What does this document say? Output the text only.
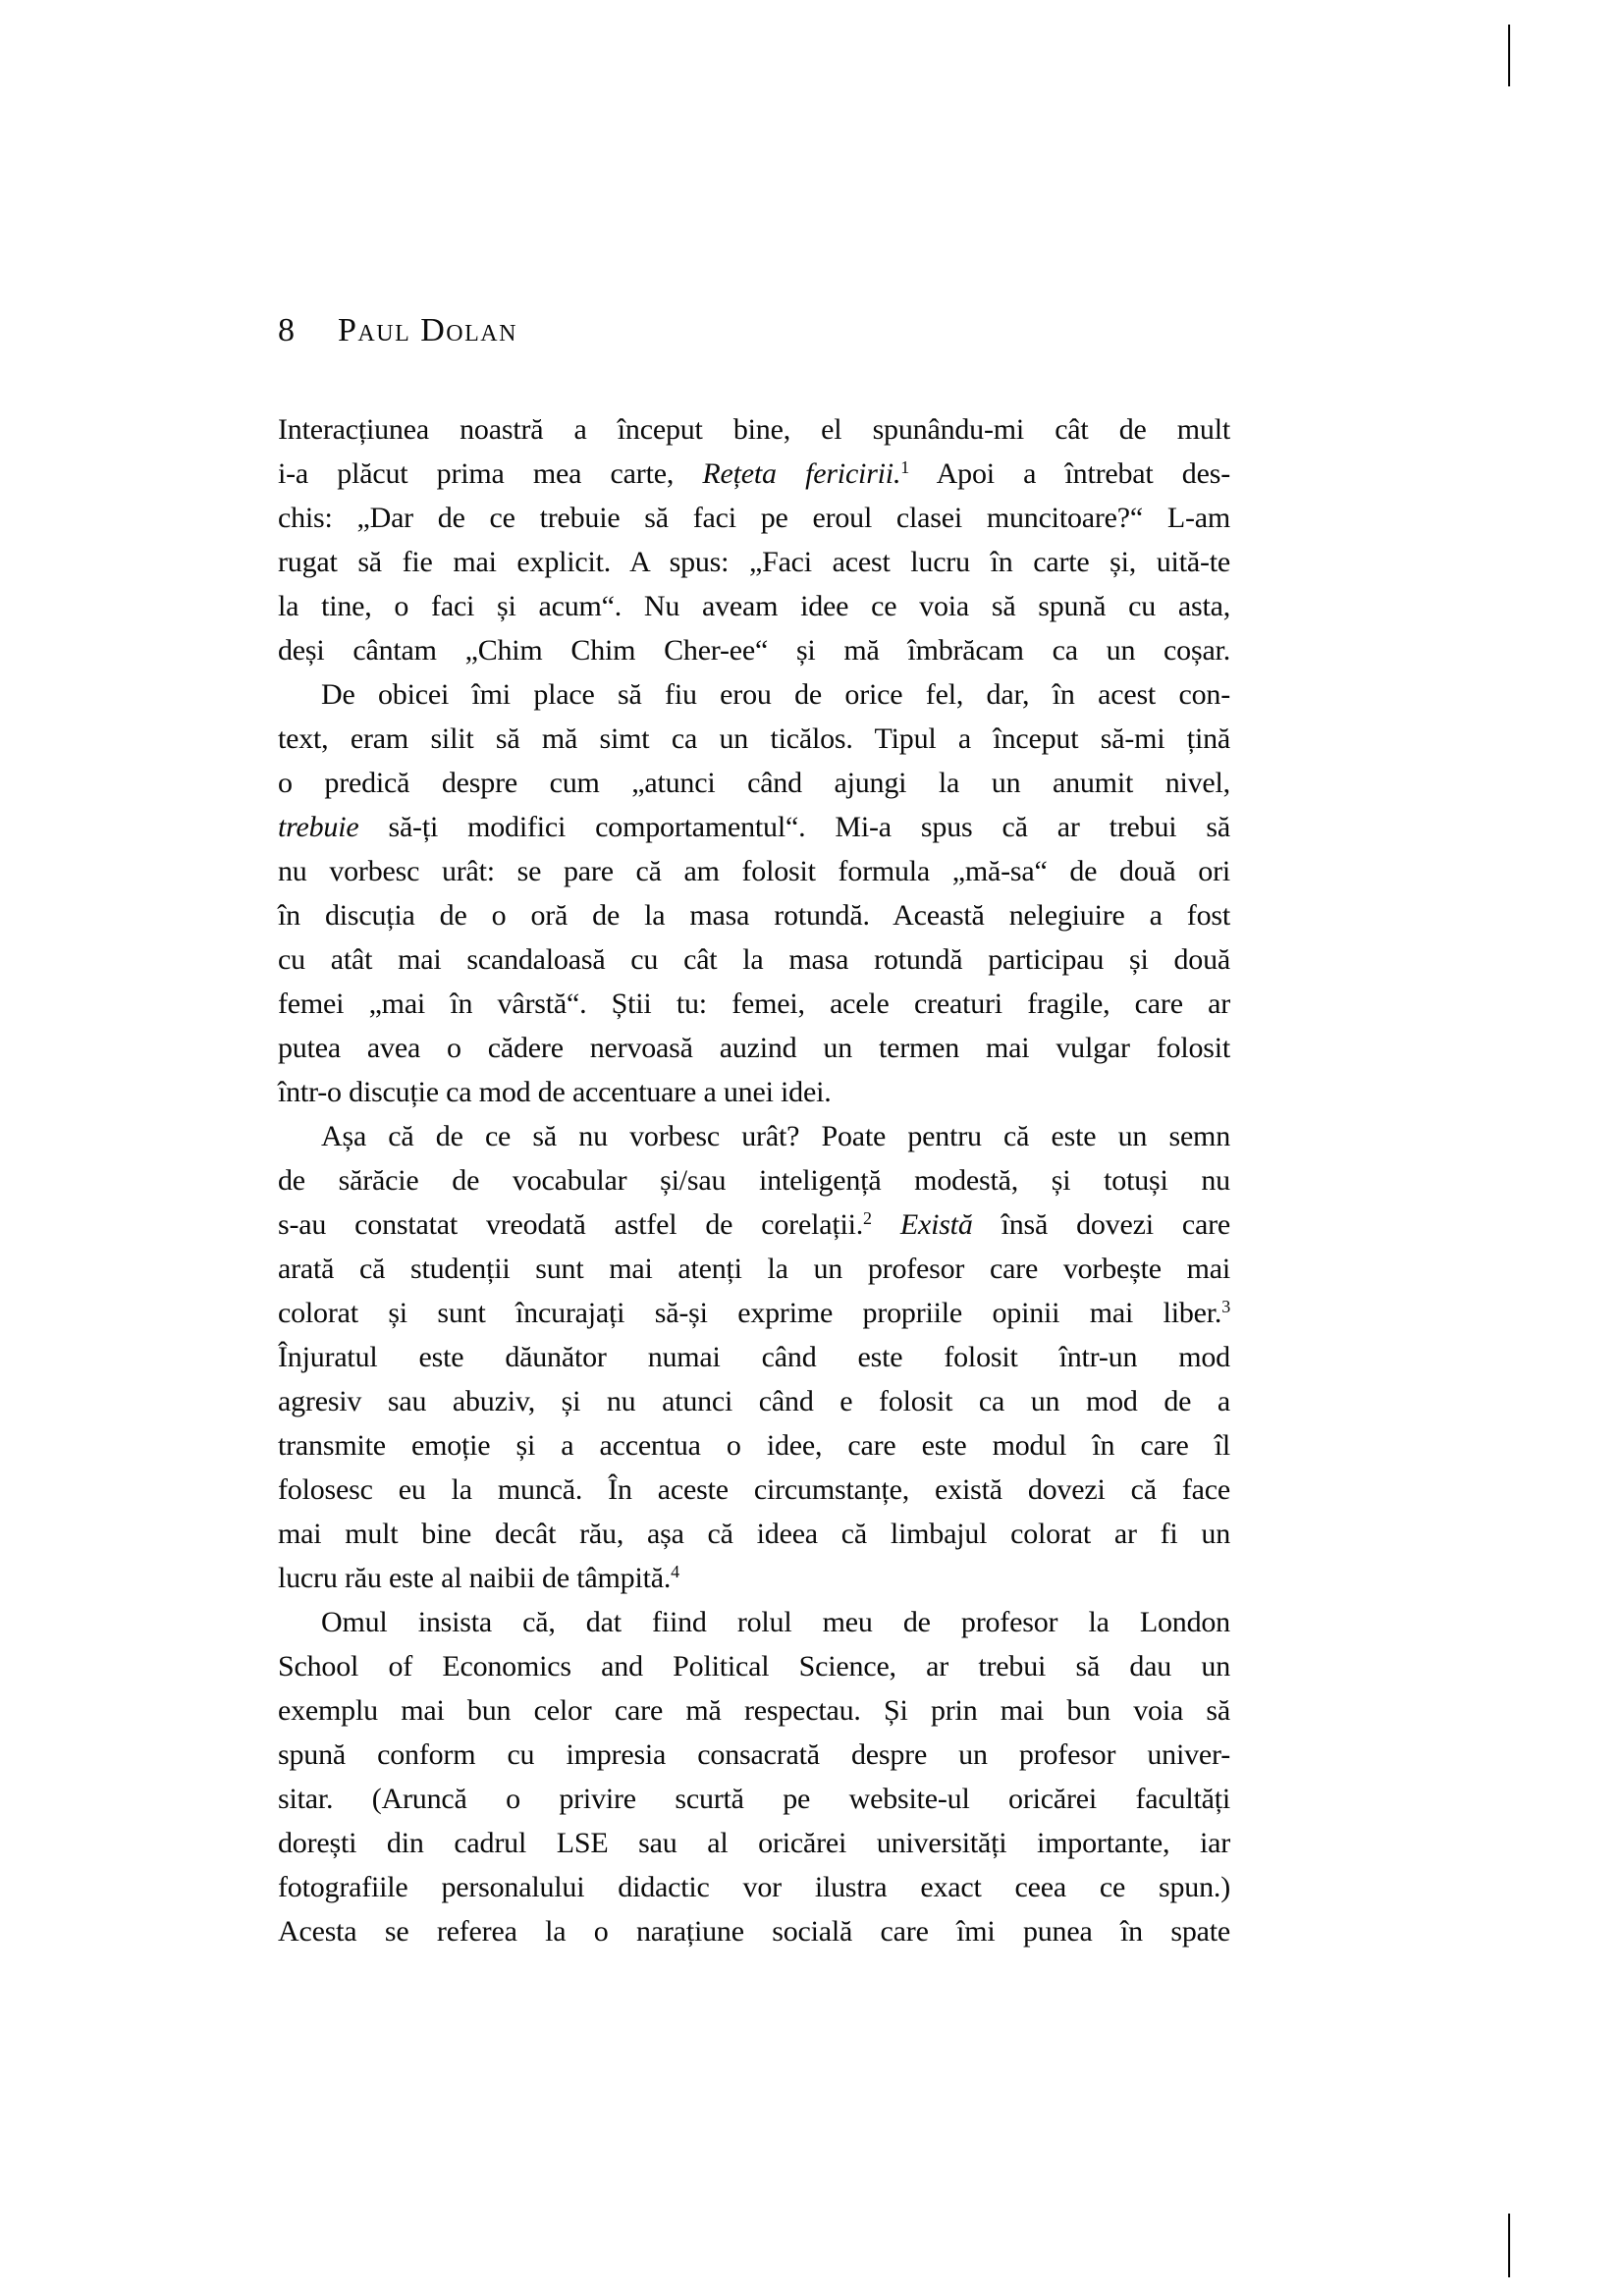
8 Paul Dolan
Interacțiunea noastră a început bine, el spunându-mi cât de mult
i-a plăcut prima mea carte, Rețeta fericirii.$^1$ Apoi a întrebat des-
chis: „Dar de ce trebuie să faci pe eroul clasei muncitoare?“ L-am
rugat să fie mai explicit. A spus: „Faci acest lucru în carte și, uită-te
la tine, o faci și acum“. Nu aveam idee ce voia să spună cu asta,
deși cântam „Chim Chim Cher-ee“ și mă îmbrăcam ca un coșar.
De obicei îmi place să fiu erou de orice fel, dar, în acest con-
text, eram silit să mă simt ca un ticălos. Tipul a început să-mi țină
o predică despre cum „atunci când ajungi la un anumit nivel,
trebuie să-ți modifici comportamentul“. Mi-a spus că ar trebui să
nu vorbesc urât: se pare că am folosit formula „mă-sa“ de două ori
în discuția de o oră de la masa rotundă. Această nelegiuire a fost
cu atât mai scandaloasă cu cât la masa rotundă participau și două
femei „mai în vârstă“. Știi tu: femei, acele creaturi fragile, care ar
putea avea o cădere nervoasă auzind un termen mai vulgar folosit
într-o discuție ca mod de accentuare a unei idei.
Așa că de ce să nu vorbesc urât? Poate pentru că este un semn
de sărăcie de vocabular și/sau inteligență modestă, și totuși nu
s-au constatat vreodată astfel de corelații.$^2$ Există însă dovezi care
arată că studenții sunt mai atenți la un profesor care vorbește mai
colorat și sunt încurajați să-și exprime propriile opinii mai liber.$^3$
Înjuratul este dăunător numai când este folosit într-un mod
agresiv sau abuziv, și nu atunci când e folosit ca un mod de a
transmite emoție și a accentua o idee, care este modul în care îl
folosesc eu la muncă. În aceste circumstanțe, există dovezi că face
mai mult bine decât rău, așa că ideea că limbajul colorat ar fi un
lucru rău este al naibii de tâmpită.$^4$
Omul insista că, dat fiind rolul meu de profesor la London
School of Economics and Political Science, ar trebui să dau un
exemplu mai bun celor care mă respectau. Și prin mai bun voia să
spună conform cu impresia consacrată despre un profesor univer-
sitar. (Aruncă o privire scurtă pe website-ul oricărei facultăți
dorești din cadrul LSE sau al oricărei universități importante, iar
fotografiile personalului didactic vor ilustra exact ceea ce spun.)
Acesta se referea la o narațiune socială care îmi punea în spate
